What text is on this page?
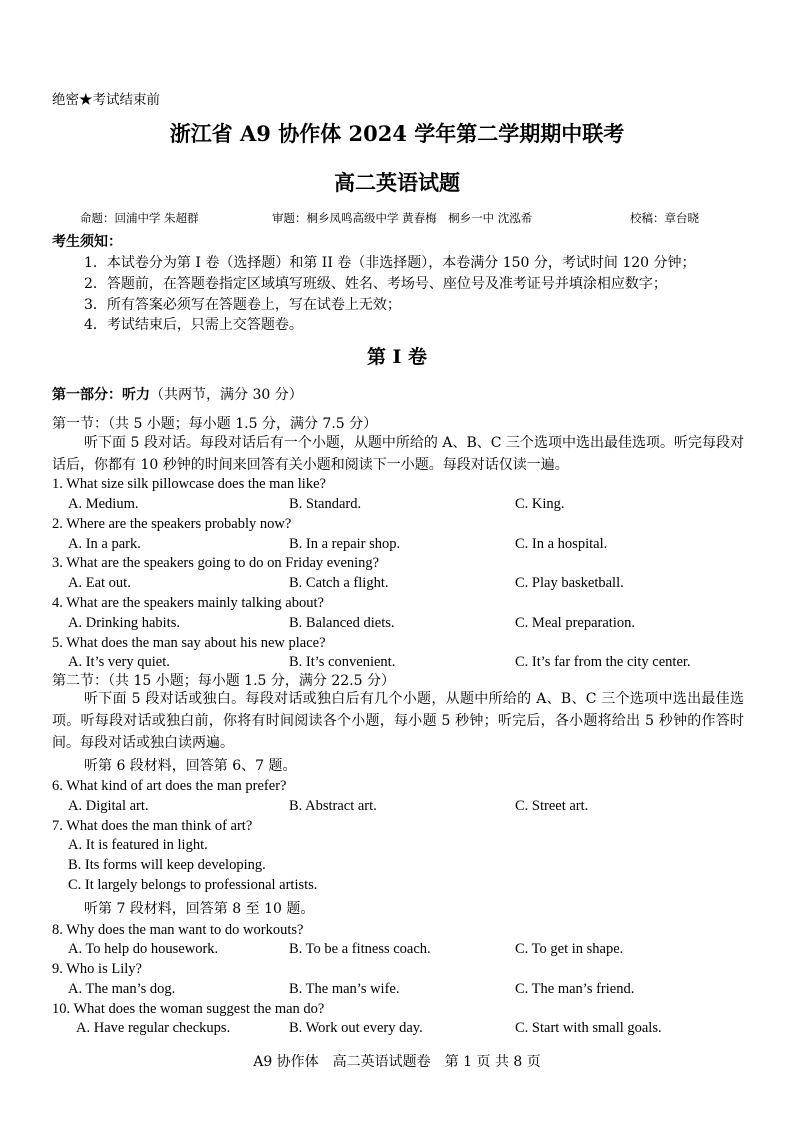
绝密★考试结束前
浙江省 A9 协作体 2024 学年第二学期期中联考
高二英语试题
命题：回浦中学 朱超群	审题：桐乡凤鸣高级中学 黄春梅　桐乡一中 沈泓希	校稿：章台晓
考生须知：
1．本试卷分为第 I 卷（选择题）和第 II 卷（非选择题），本卷满分 150 分，考试时间 120 分钟；
2．答题前，在答题卷指定区域填写班级、姓名、考场号、座位号及准考证号并填涂相应数字；
3．所有答案必须写在答题卷上，写在试卷上无效；
4．考试结束后，只需上交答题卷。
第 I 卷
第一部分：听力（共两节，满分 30 分）
第一节：（共 5 小题；每小题 1.5 分，满分 7.5 分）
听下面 5 段对话。每段对话后有一个小题，从题中所给的 A、B、C 三个选项中选出最佳选项。听完每段对话后，你都有 10 秒钟的时间来回答有关小题和阅读下一小题。每段对话仅读一遍。
1. What size silk pillowcase does the man like?
A. Medium.	B. Standard.	C. King.
2. Where are the speakers probably now?
A. In a park.	B. In a repair shop.	C. In a hospital.
3. What are the speakers going to do on Friday evening?
A. Eat out.	B. Catch a flight.	C. Play basketball.
4. What are the speakers mainly talking about?
A. Drinking habits.	B. Balanced diets.	C. Meal preparation.
5. What does the man say about his new place?
A. It’s very quiet.	B. It’s convenient.	C. It’s far from the city center.
第二节：（共 15 小题；每小题 1.5 分，满分 22.5 分）
听下面 5 段对话或独白。每段对话或独白后有几个小题，从题中所给的 A、B、C 三个选项中选出最佳选项。听每段对话或独白前，你将有时间阅读各个小题，每小题 5 秒钟；听完后，各小题将给出 5 秒钟的作答时间。每段对话或独白读两遍。
听第 6 段材料，回答第 6、7 题。
6. What kind of art does the man prefer?
A. Digital art.	B. Abstract art.	C. Street art.
7. What does the man think of art?
A. It is featured in light.
B. Its forms will keep developing.
C. It largely belongs to professional artists.
听第 7 段材料，回答第 8 至 10 题。
8. Why does the man want to do workouts?
A. To help do housework.	B. To be a fitness coach.	C. To get in shape.
9. Who is Lily?
A. The man’s dog.	B. The man’s wife.	C. The man’s friend.
10. What does the woman suggest the man do?
A. Have regular checkups.	B. Work out every day.	C. Start with small goals.
A9 协作体　高二英语试题卷　第 1 页 共 8 页
